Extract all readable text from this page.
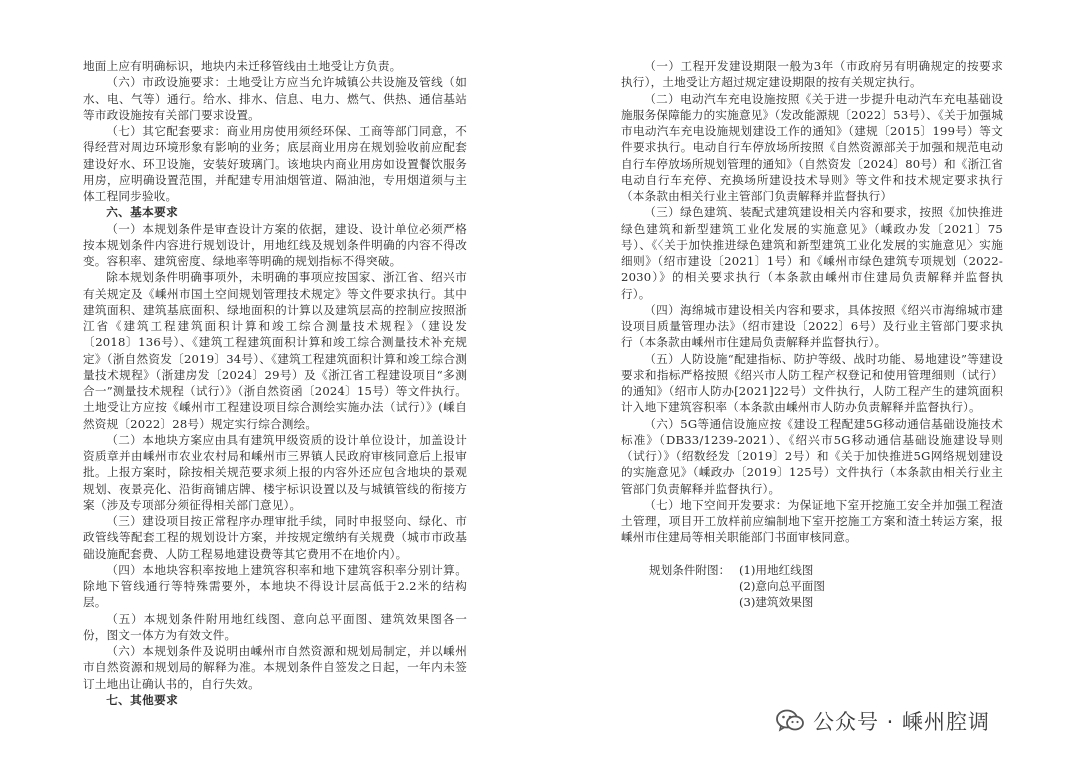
地面上应有明确标识，地块内未迁移管线由土地受让方负责。

（六）市政设施要求：土地受让方应当允许城镇公共设施及管线（如水、电、气等）通行。给水、排水、信息、电力、燃气、供热、通信基站等市政设施按有关部门要求设置。

（七）其它配套要求：商业用房使用须经环保、工商等部门同意，不得经营对周边环境形象有影响的业务；底层商业用房在规划验收前应配套建设好水、环卫设施，安装好玻璃门。该地块内商业用房如设置餐饮服务用房，应明确设置范围，并配建专用油烟管道、隔油池，专用烟道须与主体工程同步验收。

六、基本要求

（一）本规划条件是审查设计方案的依据，建设、设计单位必须严格按本规划条件内容进行规划设计，用地红线及规划条件明确的内容不得改变。容积率、建筑密度、绿地率等明确的规划指标不得突破。

除本规划条件明确事项外，未明确的事项应按国家、浙江省、绍兴市有关规定及《嵊州市国土空间规划管理技术规定》等文件要求执行。其中建筑面积、建筑基底面积、绿地面积的计算以及建筑层高的控制应按照浙江省《建筑工程建筑面积计算和竣工综合测量技术规程》（建设发〔2018〕136号）、《建筑工程建筑面积计算和竣工综合测量技术补充规定》（浙自然资发〔2019〕34号）、《建筑工程建筑面积计算和竣工综合测量技术规程》（浙建房发〔2024〕29号）及《浙江省工程建设项目“多测合一”测量技术规程（试行）》（浙自然资函〔2024〕15号）等文件执行。土地受让方应按《嵊州市工程建设项目综合测绘实施办法（试行）》(嵊自然资规〔2022〕28号）规定实行综合测绘。

（二）本地块方案应由具有建筑甲级资质的设计单位设计，加盖设计资质章并由嵊州市农业农村局和嵊州市三界镇人民政府审核同意后上报审批。上报方案时，除按相关规范要求须上报的内容外还应包含地块的景观规划、夜景亮化、沿街商铺店牌、楼宇标识设置以及与城镇管线的衔接方案（涉及专项部分须征得相关部门意见）。

（三）建设项目按正常程序办理审批手续，同时申报竖向、绿化、市政管线等配套工程的规划设计方案，并按规定缴纳有关规费（城市市政基础设施配套费、人防工程易地建设费等其它费用不在地价内）。

（四）本地块容积率按地上建筑容积率和地下建筑容积率分别计算。除地下管线通行等特殊需要外，本地块不得设计层高低于2.2米的结构层。

（五）本规划条件附用地红线图、意向总平面图、建筑效果图各一份，图文一体方为有效文件。

（六）本规划条件及说明由嵊州市自然资源和规划局制定，并以嵊州市自然资源和规划局的解释为准。本规划条件自签发之日起，一年内未签订土地出让确认书的，自行失效。

七、其他要求

（一）工程开发建设期限一般为3年（市政府另有明确规定的按要求执行），土地受让方超过规定建设期限的按有关规定执行。

（二）电动汽车充电设施按照《关于进一步提升电动汽车充电基础设施服务保障能力的实施意见》（发改能源规〔2022〕53号）、《关于加强城市电动汽车充电设施规划建设工作的通知》（建规〔2015〕199号）等文件要求执行。电动自行车停放场所按照《自然资源部关于加强和规范电动自行车停放场所规划管理的通知》（自然资发〔2024〕80号）和《浙江省电动自行车充停、充换场所建设技术导则》等文件和技术规定要求执行（本条款由相关行业主管部门负责解释并监督执行）

（三）绿色建筑、装配式建筑建设相关内容和要求，按照《加快推进绿色建筑和新型建筑工业化发展的实施意见》（嵊政办发〔2021〕75号）、《〈关于加快推进绿色建筑和新型建筑工业化发展的实施意见〉实施细则》（绍市建设〔2021〕1号）和《嵊州市绿色建筑专项规划（2022-2030）》的相关要求执行（本条款由嵊州市住建局负责解释并监督执行）。

（四）海绵城市建设相关内容和要求，具体按照《绍兴市海绵城市建设项目质量管理办法》（绍市建设〔2022〕6号）及行业主管部门要求执行（本条款由嵊州市住建局负责解释并监督执行）。

（五）人防设施“配建指标、防护等级、战时功能、易地建设”等建设要求和指标严格按照《绍兴市人防工程产权登记和使用管理细则（试行）的通知》（绍市人防办[2021]22号）文件执行，人防工程产生的建筑面积计入地下建筑容积率（本条款由嵊州市人防办负责解释并监督执行）。

（六）5G等通信设施应按《建设工程配建5G移动通信基础设施技术标准》（DB33/1239-2021）、《绍兴市5G移动通信基础设施建设导则（试行）》（绍数经发〔2019〕2号）和《关于加快推进5G网络规划建设的实施意见》（嵊政办〔2019〕125号）文件执行（本条款由相关行业主管部门负责解释并监督执行）。

（七）地下空间开发要求：为保证地下室开挖施工安全并加强工程渣土管理，项目开工放样前应编制地下室开挖施工方案和渣土转运方案，报嵊州市住建局等相关职能部门书面审核同意。

规划条件附图： (1)用地红线图
(2)意向总平面图
(3)建筑效果图
公众号 · 嵊州腔调
